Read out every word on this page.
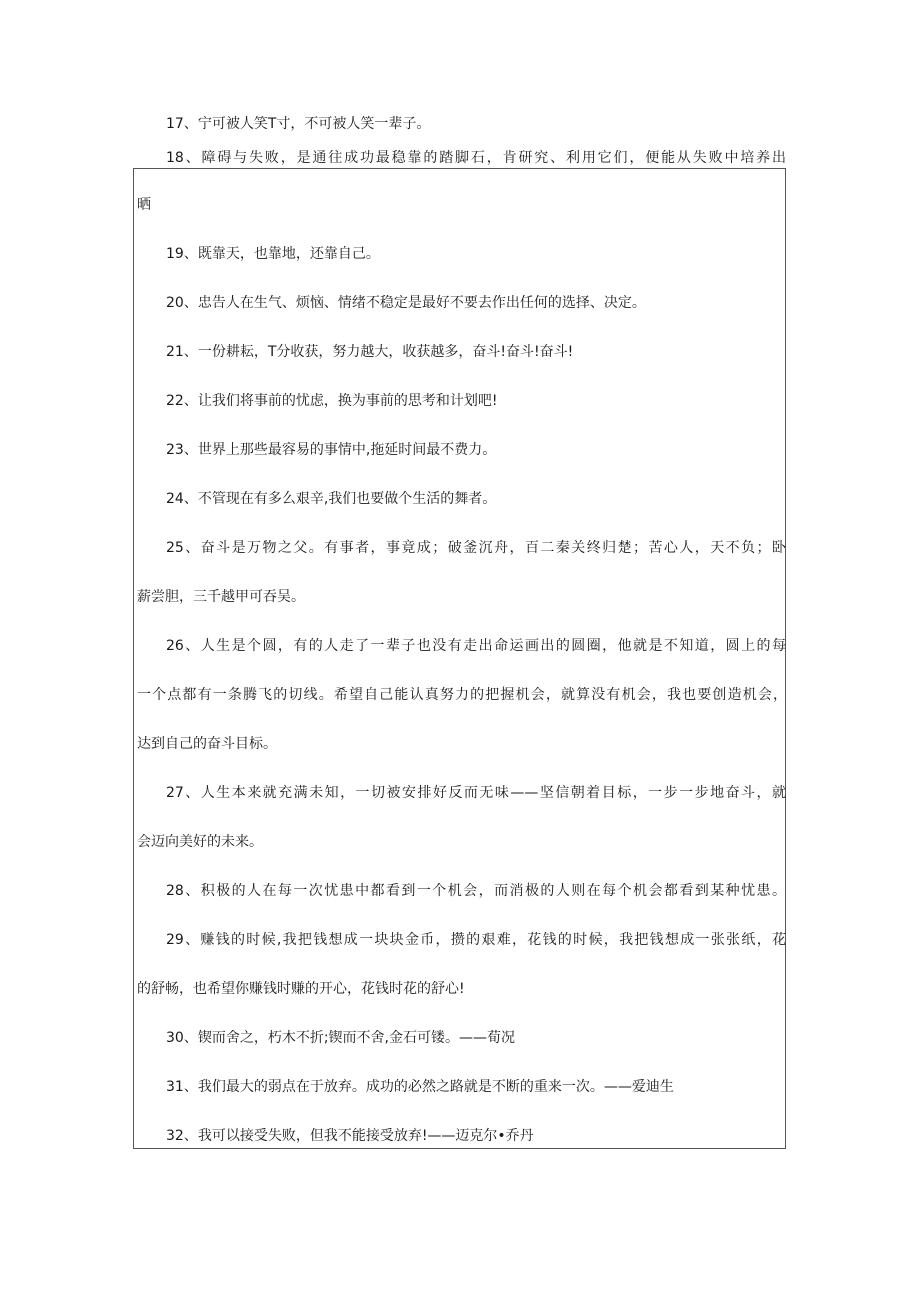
17、宁可被人笑T寸，不可被人笑一辈子。
18、障碍与失败，是通往成功最稳靠的踏脚石，肯研究、利用它们，便能从失败中培养出
晒
19、既靠天，也靠地，还靠自己。
20、忠告人在生气、烦恼、情绪不稳定是最好不要去作出任何的选择、决定。
21、一份耕耘，T分收获，努力越大，收获越多，奋斗!奋斗!奋斗!
22、让我们将事前的忧虑，换为事前的思考和计划吧!
23、世界上那些最容易的事情中,拖延时间最不费力。
24、不管现在有多么艰辛,我们也要做个生活的舞者。
25、奋斗是万物之父。有事者，事竟成；破釜沉舟，百二秦关终归楚；苦心人，天不负；卧
薪尝胆，三千越甲可吞吴。
26、人生是个圆，有的人走了一辈子也没有走出命运画出的圆圈，他就是不知道，圆上的每
一个点都有一条腾飞的切线。希望自己能认真努力的把握机会，就算没有机会，我也要创造机会，
达到自己的奋斗目标。
27、人生本来就充满未知，一切被安排好反而无味——坚信朝着目标，一步一步地奋斗，就
会迈向美好的未来。
28、积极的人在每一次忧患中都看到一个机会，而消极的人则在每个机会都看到某种忧患。
29、赚钱的时候,我把钱想成一块块金币，攒的艰难，花钱的时候，我把钱想成一张张纸，花
的舒畅，也希望你赚钱时赚的开心，花钱时花的舒心!
30、锲而舍之，朽木不折;锲而不舍,金石可镂。——荀况
31、我们最大的弱点在于放弃。成功的必然之路就是不断的重来一次。——爱迪生
32、我可以接受失败，但我不能接受放弃!——迈克尔•乔丹
